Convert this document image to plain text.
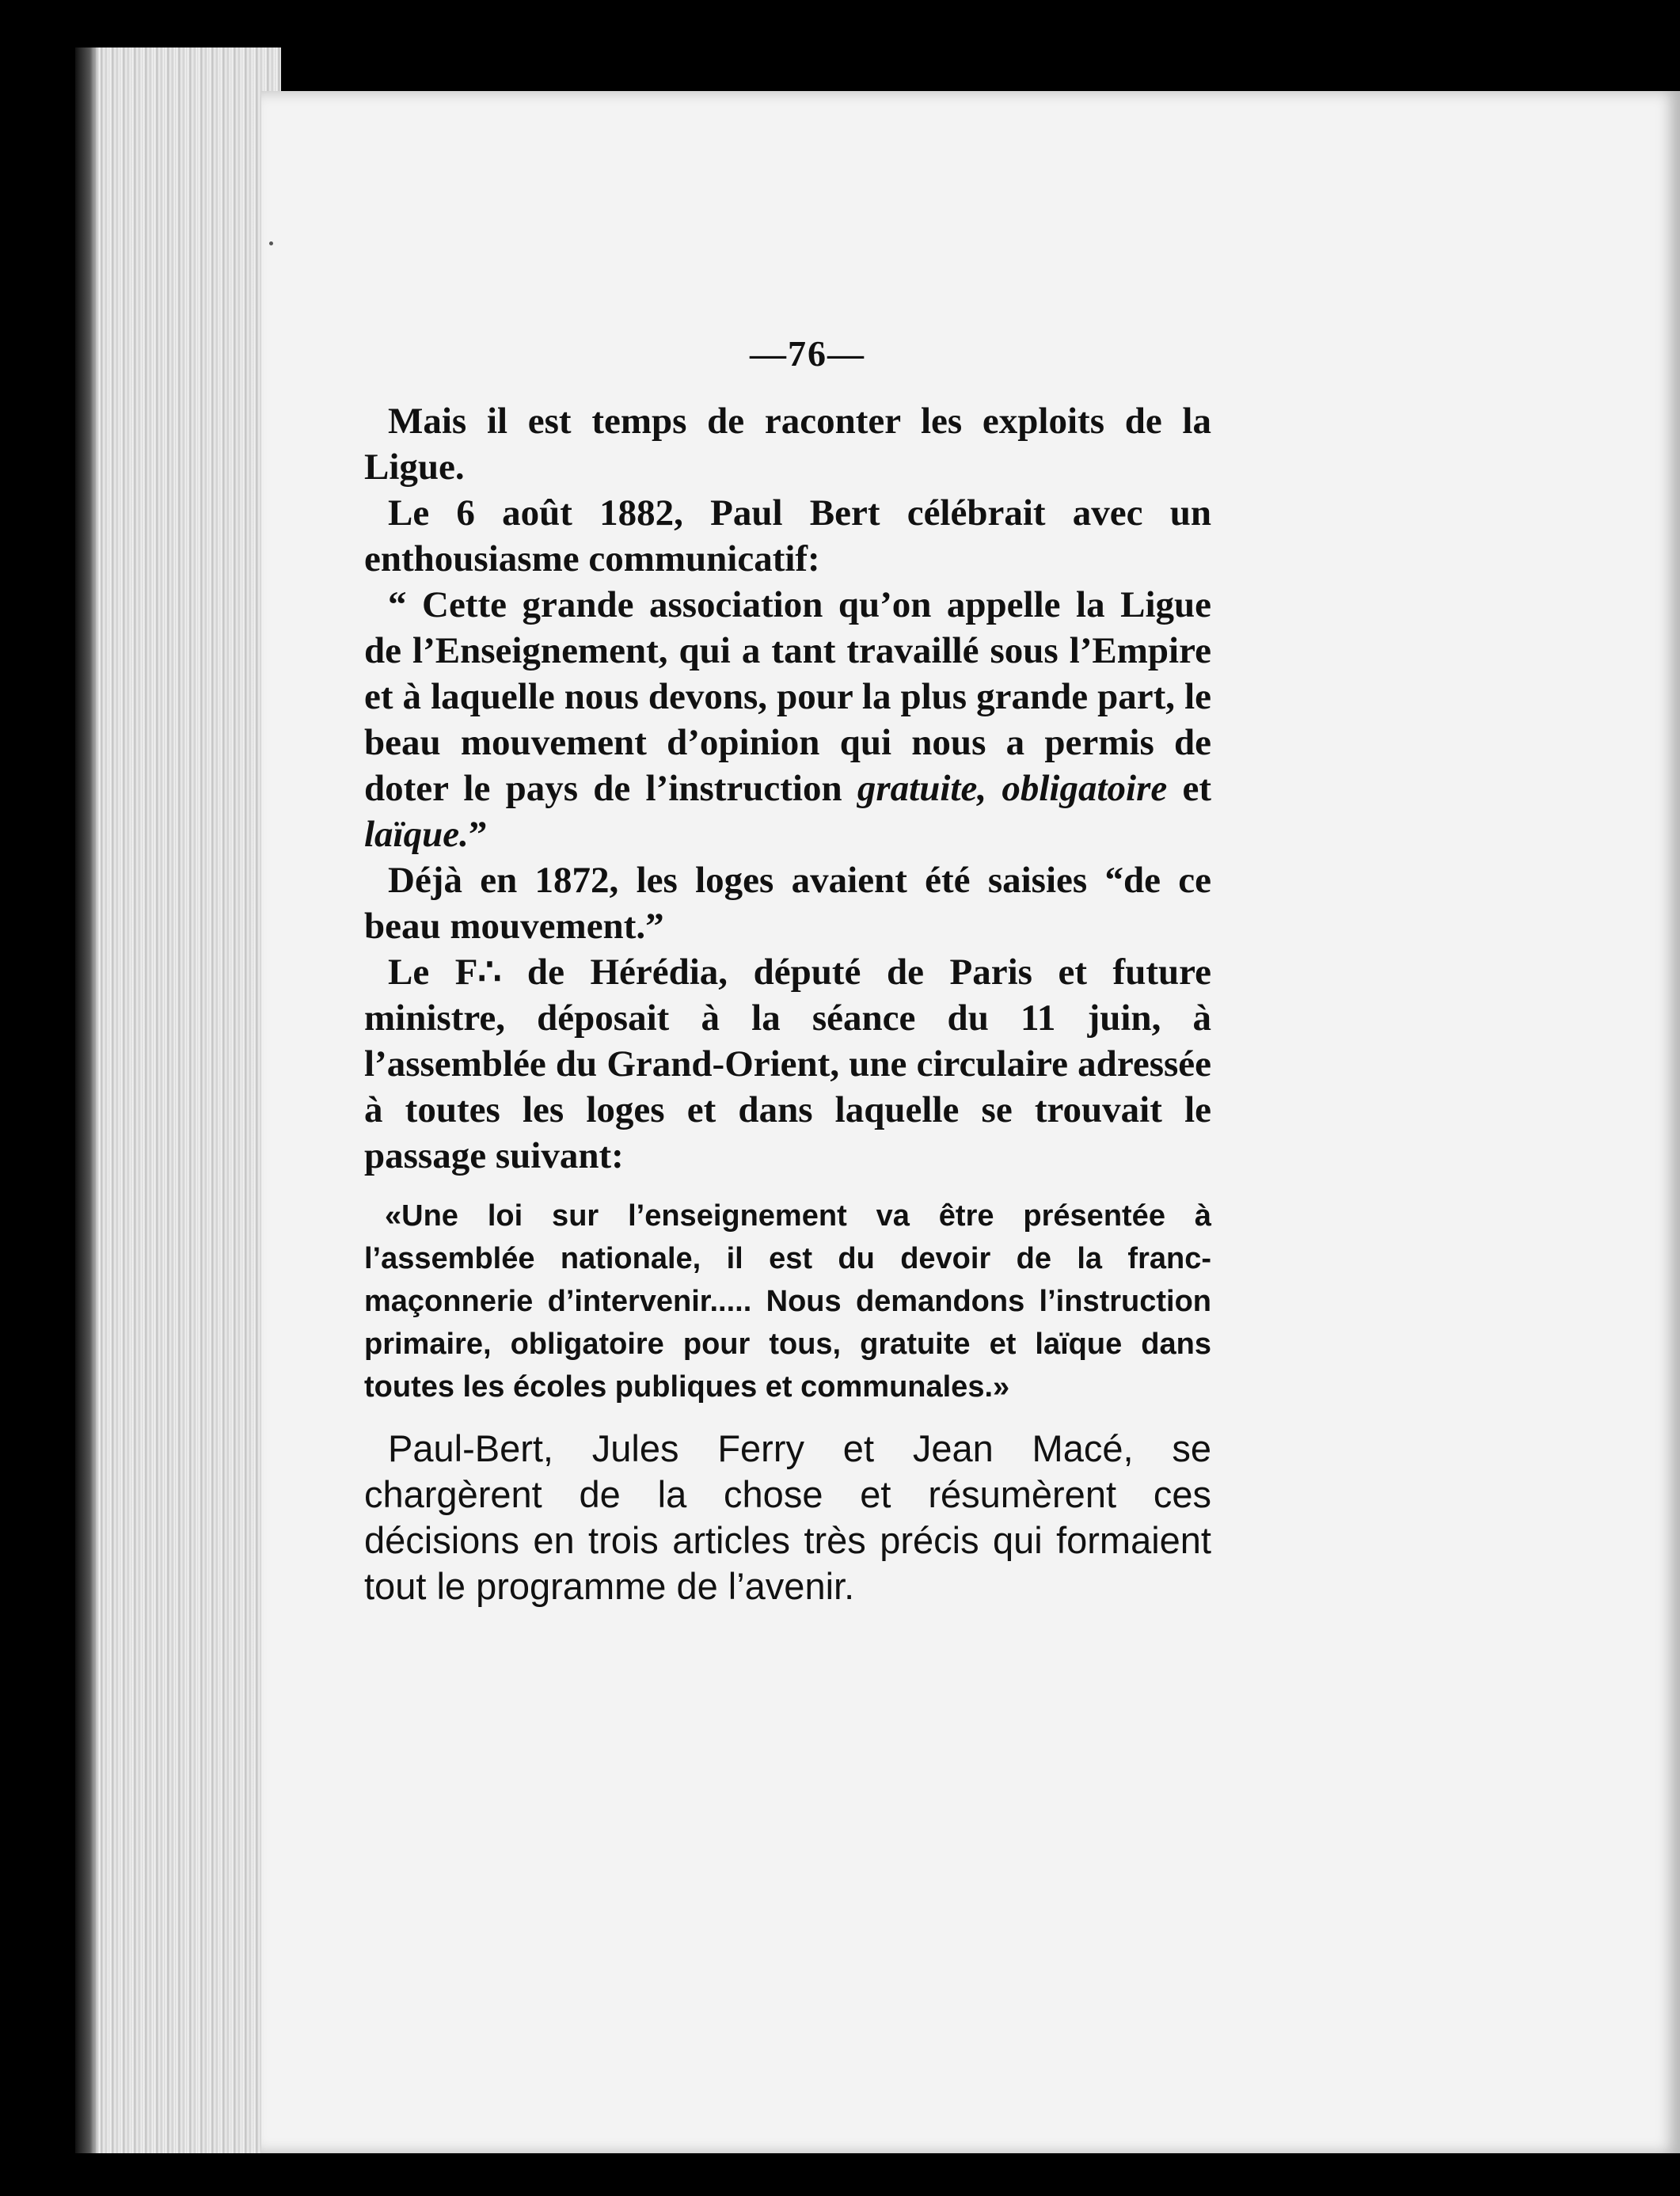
—76—

Mais il est temps de raconter les exploits de la Ligue.

Le 6 août 1882, Paul Bert célébrait avec un enthousiasme communicatif:

“ Cette grande association qu’on appelle la Ligue de l’Enseignement, qui a tant travaillé sous l’Empire et à laquelle nous devons, pour la plus grande part, le beau mouvement d’opinion qui nous a permis de doter le pays de l’instruction gratuite, obligatoire et laïque.”

Déjà en 1872, les loges avaient été saisies “de ce beau mouvement.”

Le F∴ de Hérédia, député de Paris et future ministre, déposait à la séance du 11 juin, à l’assemblée du Grand-Orient, une circulaire adressée à toutes les loges et dans laquelle se trouvait le passage suivant:

«Une loi sur l’enseignement va être présentée à l’assemblée nationale, il est du devoir de la franc-maçonnerie d’intervenir..... Nous demandons l’instruction primaire, obligatoire pour tous, gratuite et laïque dans toutes les écoles publiques et communales.»

Paul-Bert, Jules Ferry et Jean Macé, se chargèrent de la chose et résumèrent ces décisions en trois articles très précis qui formaient tout le programme de l’avenir.
